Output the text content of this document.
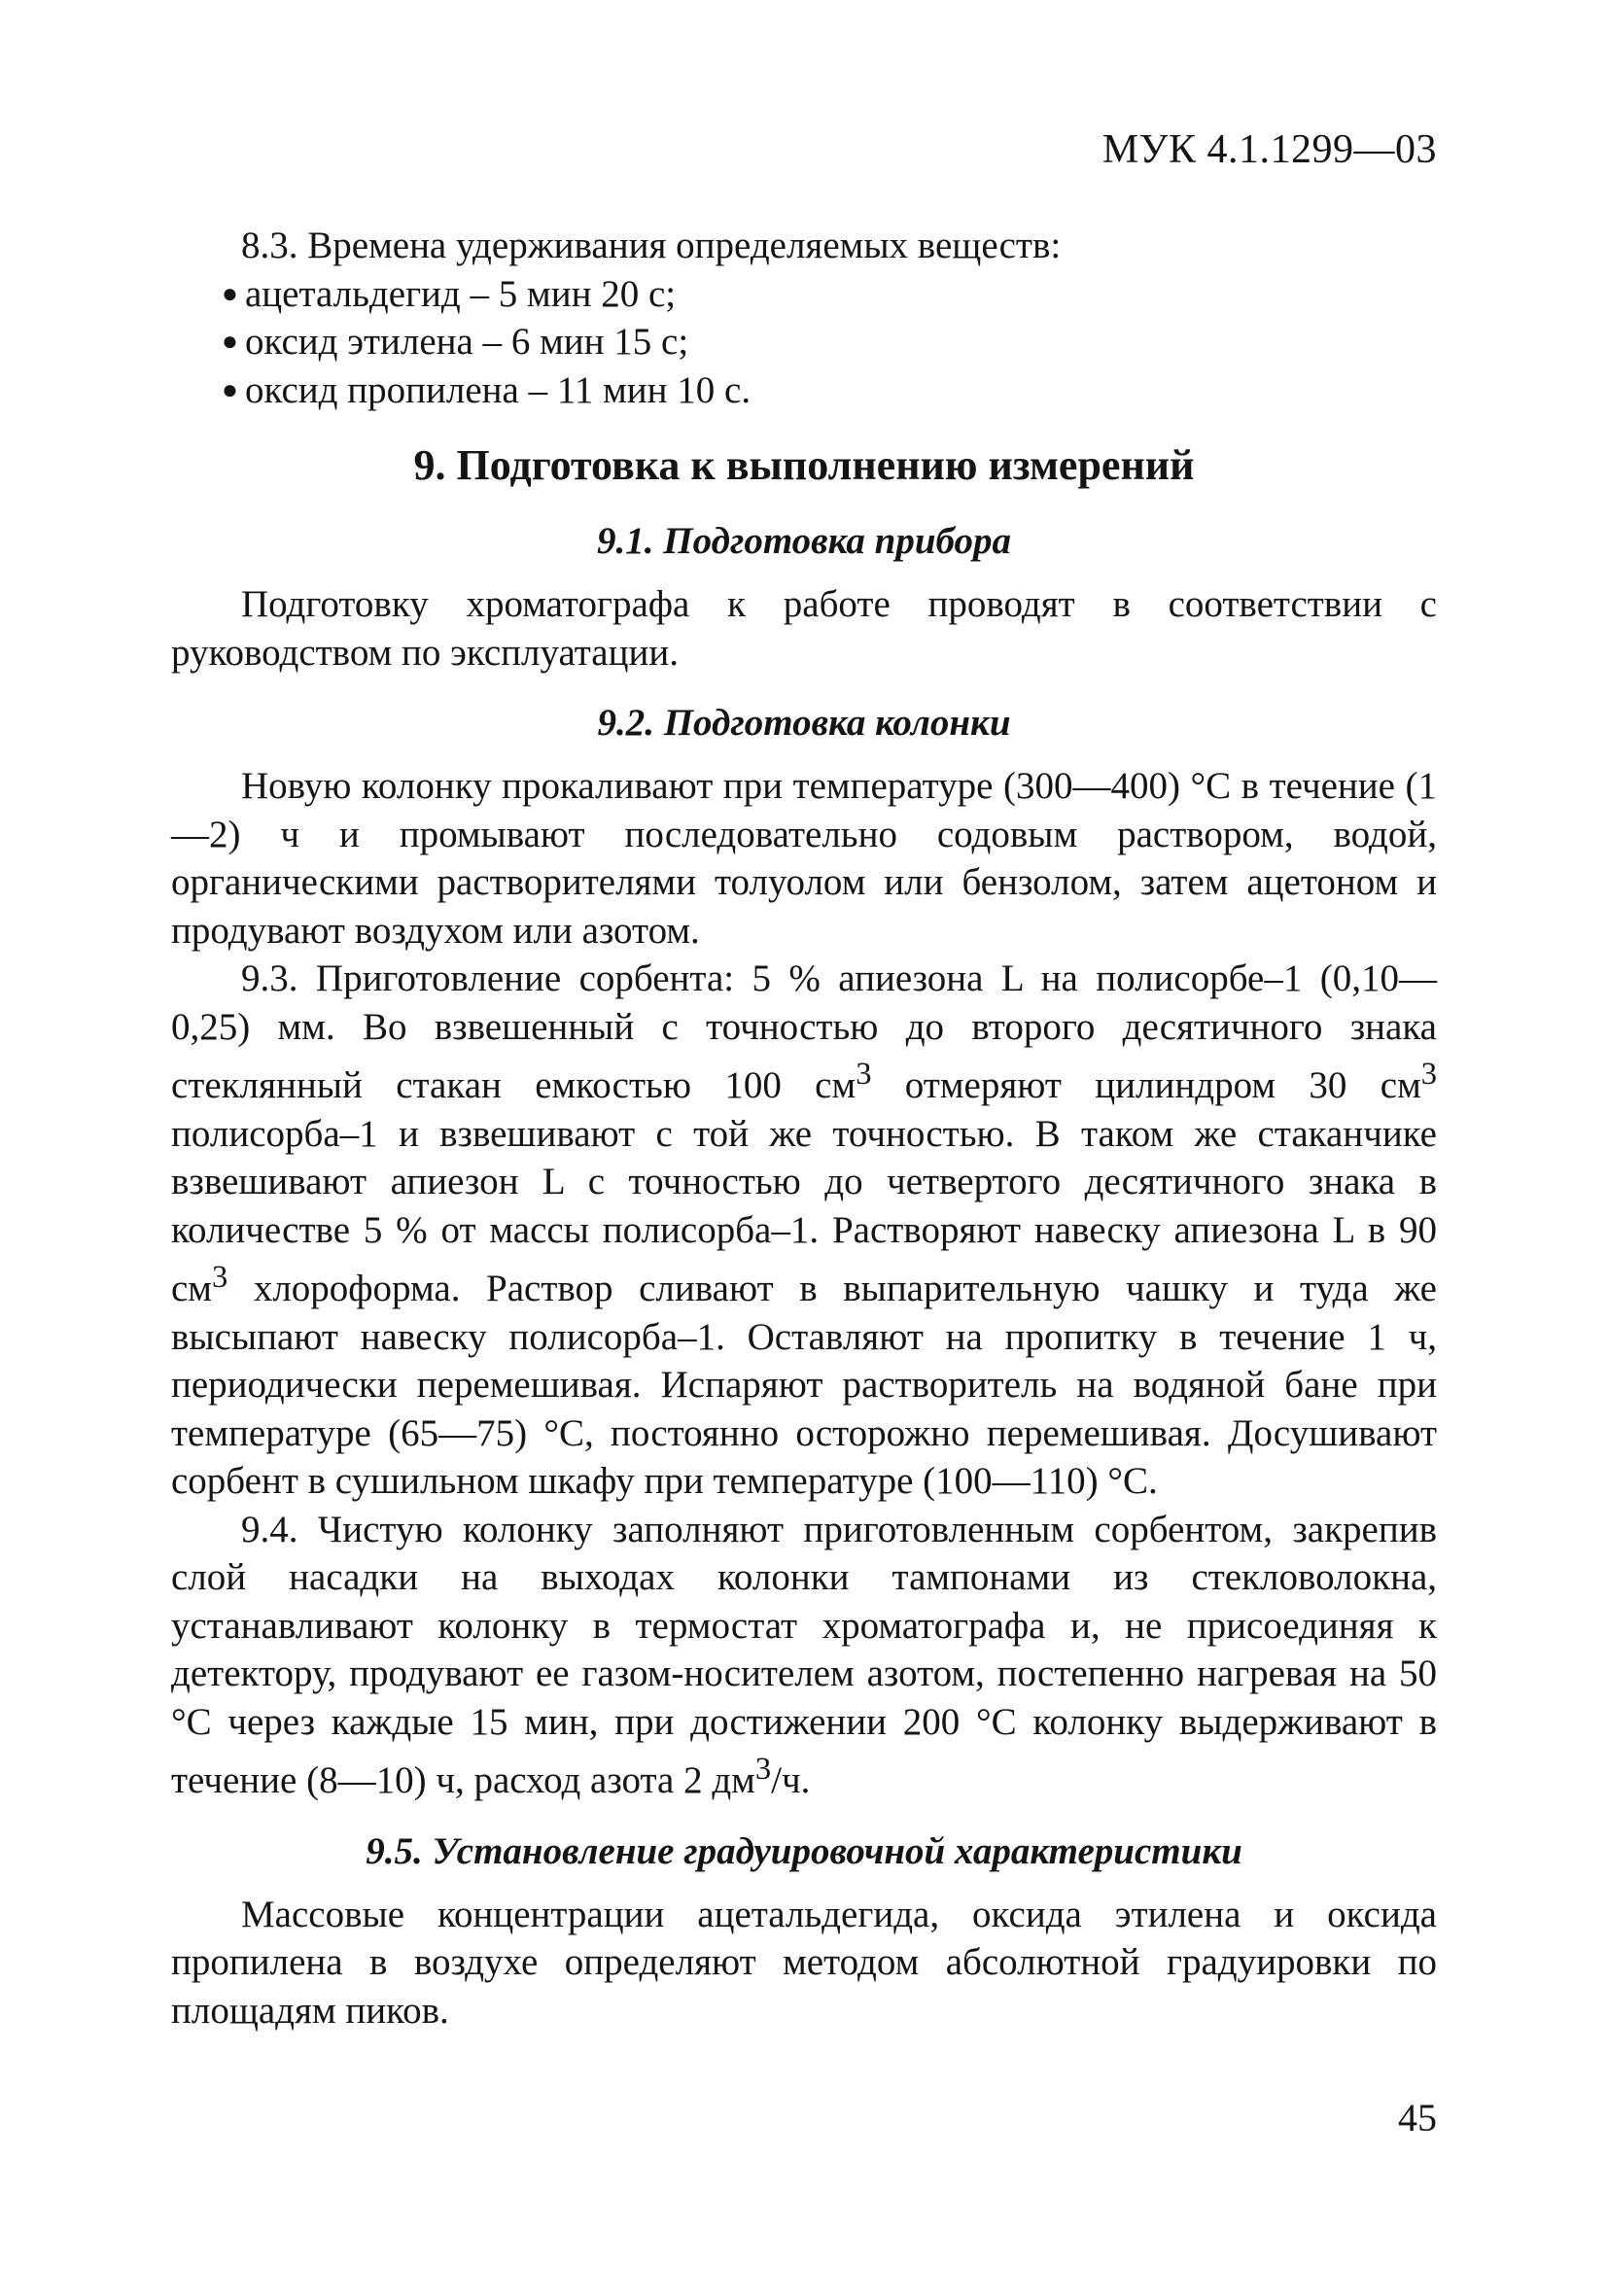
МУК 4.1.1299—03

8.3. Времена удерживания определяемых веществ:

● ацетальдегид – 5 мин 20 с;
● оксид этилена – 6 мин 15 с;
● оксид пропилена – 11 мин 10 с.
9. Подготовка к выполнению измерений
9.1. Подготовка прибора

Подготовку хроматографа к работе проводят в соответствии с руководством по эксплуатации.

9.2. Подготовка колонки

Новую колонку прокаливают при температуре (300—400) °С в течение (1—2) ч и промывают последовательно содовым раствором, водой, органическими растворителями толуолом или бензолом, затем ацетоном и продувают воздухом или азотом.

9.3. Приготовление сорбента: 5 % апиезона L на полисорбе–1 (0,10—0,25) мм. Во взвешенный с точностью до второго десятичного знака стеклянный стакан емкостью 100 $см^3$ отмеряют цилиндром 30 $см^3$ полисорба–1 и взвешивают с той же точностью. В таком же стаканчике взвешивают апиезон L с точностью до четвертого десятичного знака в количестве 5 % от массы полисорба–1. Растворяют навеску апиезона L в 90 $см^3$ хлороформа. Раствор сливают в выпарительную чашку и туда же высыпают навеску полисорба–1. Оставляют на пропитку в течение 1 ч, периодически перемешивая. Испаряют растворитель на водяной бане при температуре (65—75) °С, постоянно осторожно перемешивая. Досушивают сорбент в сушильном шкафу при температуре (100—110) °С.

9.4. Чистую колонку заполняют приготовленным сорбентом, закрепив слой насадки на выходах колонки тампонами из стекловолокна, устанавливают колонку в термостат хроматографа и, не присоединяя к детектору, продувают ее газом-носителем азотом, постепенно нагревая на 50 °С через каждые 15 мин, при достижении 200 °С колонку выдерживают в течение (8—10) ч, расход азота 2 $дм^3/ч$.

9.5. Установление градуировочной характеристики

Массовые концентрации ацетальдегида, оксида этилена и оксида пропилена в воздухе определяют методом абсолютной градуировки по площадям пиков.

45
